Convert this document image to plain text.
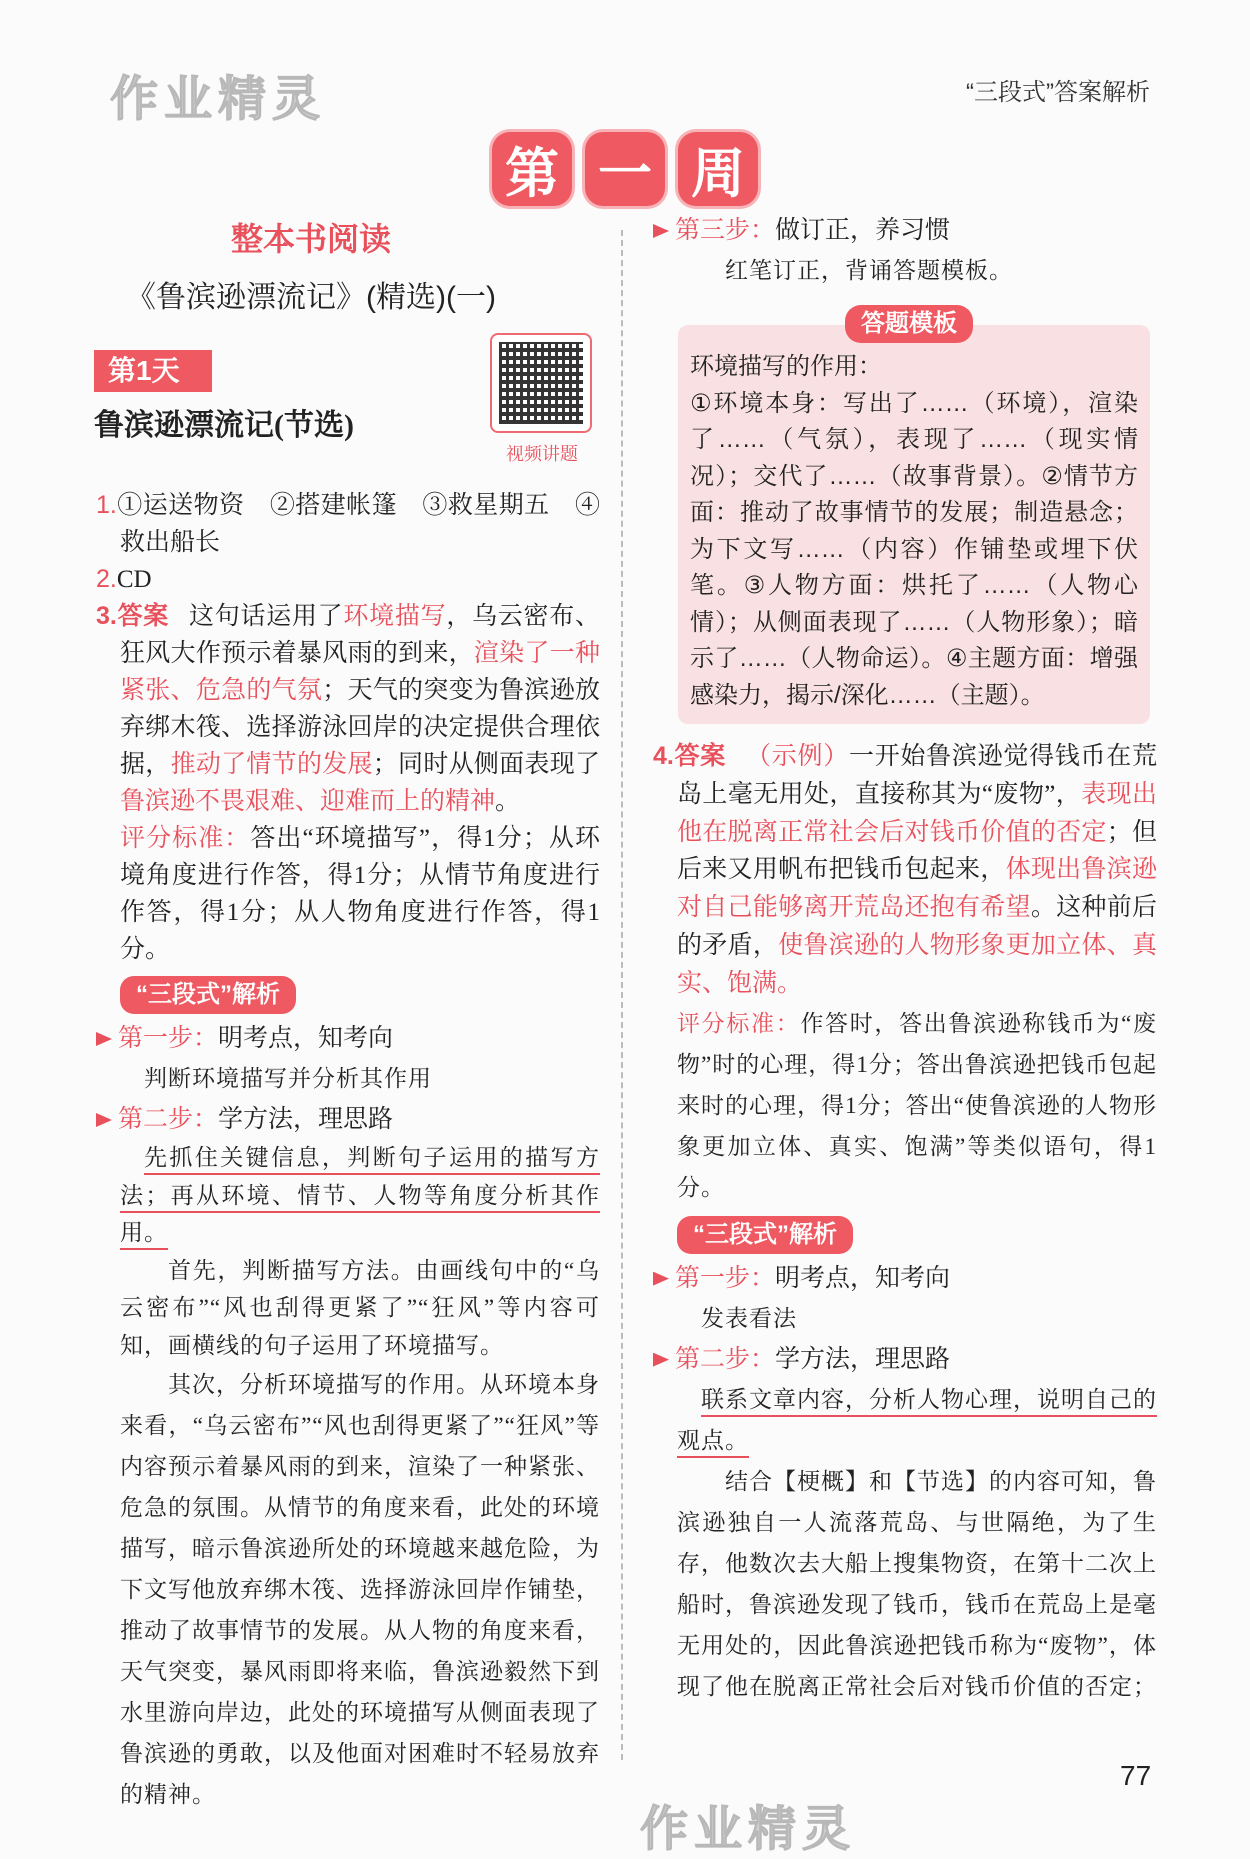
“三段式”答案解析
第 一 周
整本书阅读
《鲁滨逊漂流记》(精选)(一)
第1天
鲁滨逊漂流记(节选)
视频讲题
1.①运送物资　②搭建帐篷　③救星期五　④救出船长
2.CD
3.答案 这句话运用了环境描写，乌云密布、狂风大作预示着暴风雨的到来，渲染了一种紧张、危急的气氛；天气的突变为鲁滨逊放弃绑木筏、选择游泳回岸的决定提供合理依据，推动了情节的发展；同时从侧面表现了鲁滨逊不畏艰难、迎难而上的精神。
评分标准：答出“环境描写”，得1分；从环境角度进行作答，得1分；从情节角度进行作答，得1分；从人物角度进行作答，得1分。
“三段式”解析
第一步：明考点，知考向
判断环境描写并分析其作用
第二步：学方法，理思路
先抓住关键信息，判断句子运用的描写方法；再从环境、情节、人物等角度分析其作用。
首先，判断描写方法。由画线句中的“乌云密布”“风也刮得更紧了”“狂风”等内容可知，画横线的句子运用了环境描写。
其次，分析环境描写的作用。从环境本身来看，“乌云密布”“风也刮得更紧了”“狂风”等内容预示着暴风雨的到来，渲染了一种紧张、危急的氛围。从情节的角度来看，此处的环境描写，暗示鲁滨逊所处的环境越来越危险，为下文写他放弃绑木筏、选择游泳回岸作铺垫，推动了故事情节的发展。从人物的角度来看，天气突变，暴风雨即将来临，鲁滨逊毅然下到水里游向岸边，此处的环境描写从侧面表现了鲁滨逊的勇敢，以及他面对困难时不轻易放弃的精神。
第三步：做订正，养习惯
红笔订正，背诵答题模板。
答题模板
环境描写的作用：
①环境本身：写出了……（环境），渲染了……（气氛），表现了……（现实情况）；交代了……（故事背景）。②情节方面：推动了故事情节的发展；制造悬念；为下文写……（内容）作铺垫或埋下伏笔。③人物方面：烘托了……（人物心情）；从侧面表现了……（人物形象）；暗示了……（人物命运）。④主题方面：增强感染力，揭示/深化……（主题）。
4.答案 （示例）一开始鲁滨逊觉得钱币在荒岛上毫无用处，直接称其为“废物”，表现出他在脱离正常社会后对钱币价值的否定；但后来又用帆布把钱币包起来，体现出鲁滨逊对自己能够离开荒岛还抱有希望。这种前后的矛盾，使鲁滨逊的人物形象更加立体、真实、饱满。
评分标准：作答时，答出鲁滨逊称钱币为“废物”时的心理，得1分；答出鲁滨逊把钱币包起来时的心理，得1分；答出“使鲁滨逊的人物形象更加立体、真实、饱满”等类似语句，得1分。
“三段式”解析
第一步：明考点，知考向
发表看法
第二步：学方法，理思路
联系文章内容，分析人物心理，说明自己的观点。
结合【梗概】和【节选】的内容可知，鲁滨逊独自一人流落荒岛、与世隔绝，为了生存，他数次去大船上搜集物资，在第十二次上船时，鲁滨逊发现了钱币，钱币在荒岛上是毫无用处的，因此鲁滨逊把钱币称为“废物”，体现了他在脱离正常社会后对钱币价值的否定；
作业精灵
作业精灵
77
